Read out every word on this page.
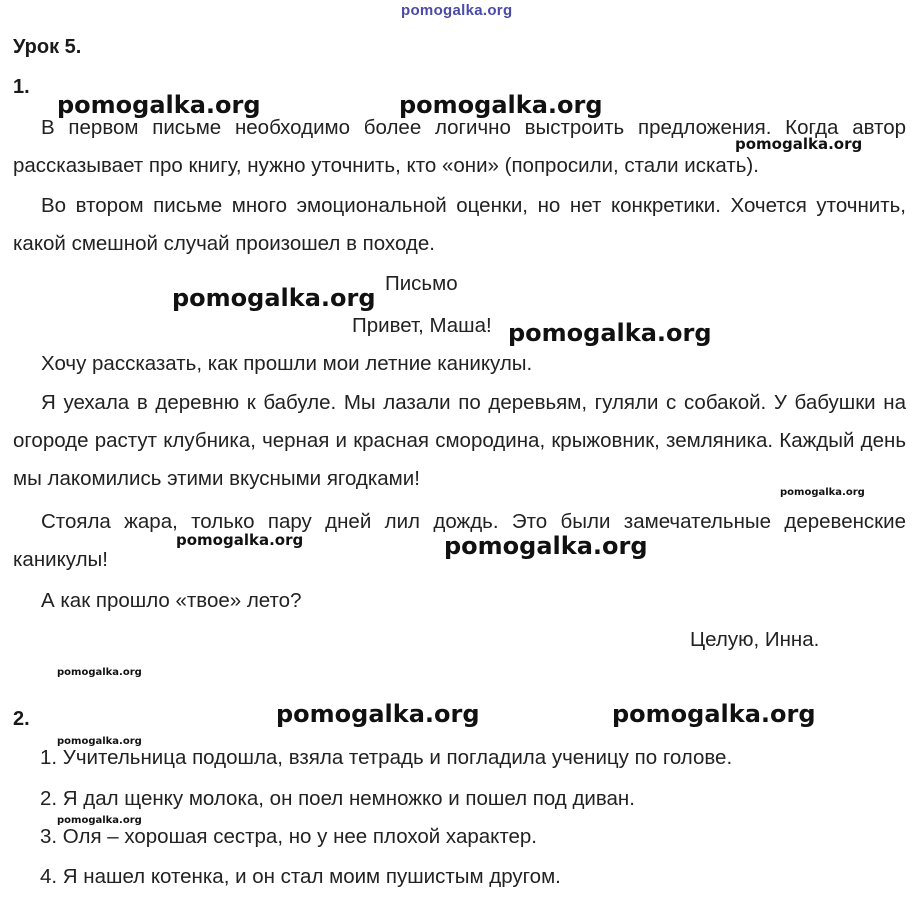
pomogalka.org
Урок 5.
1.
В первом письме необходимо более логично выстроить предложения. Когда автор рассказывает про книгу, нужно уточнить, кто «они» (попросили, стали искать).
Во втором письме много эмоциональной оценки, но нет конкретики. Хочется уточнить, какой смешной случай произошел в походе.
Письмо
Привет, Маша!
Хочу рассказать, как прошли мои летние каникулы.
Я уехала в деревню к бабуле. Мы лазали по деревьям, гуляли с собакой. У бабушки на огороде растут клубника, черная и красная смородина, крыжовник, земляника. Каждый день мы лакомились этими вкусными ягодками!
Стояла жара, только пару дней лил дождь. Это были замечательные деревенские каникулы!
А как прошло «твое» лето?
Целую, Инна.
2.
1. Учительница подошла, взяла тетрадь и погладила ученицу по голове.
2. Я дал щенку молока, он поел немножко и пошел под диван.
3. Оля – хорошая сестра, но у нее плохой характер.
4. Я нашел котенка, и он стал моим пушистым другом.
pomogalka.org	pomogalka.org
pomogalka.org
pomogalka.org
pomogalka.org
pomogalka.org
pomogalka.org	pomogalka.org
pomogalka.org
pomogalka.org	pomogalka.org
pomogalka.org
pomogalka.org
